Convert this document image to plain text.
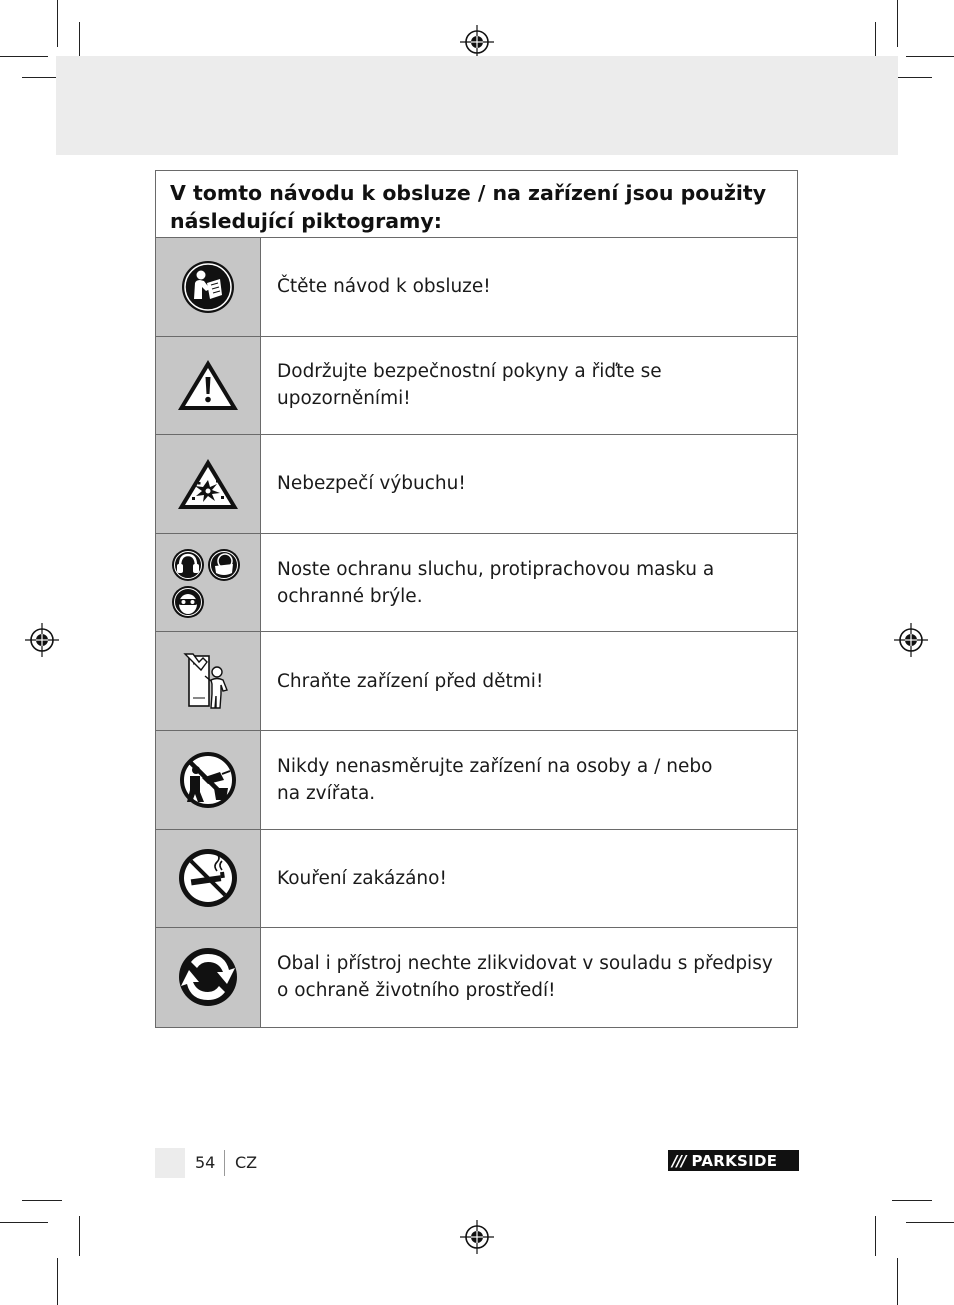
V tomto návodu k obsluze / na zařízení jsou použity následující piktogramy:
Čtěte návod k obsluze!
Dodržujte bezpečnostní pokyny a řiďte se upozorněními!
Nebezpečí výbuchu!
Noste ochranu sluchu, protiprachovou masku a ochranné brýle.
Chraňte zařízení před dětmi!
Nikdy nenasměrujte zařízení na osoby a / nebo na zvířata.
Kouření zakázáno!
Obal i přístroj nechte zlikvidovat v souladu s předpisy o ochraně životního prostředí!
54 CZ	/// PARKSIDE
